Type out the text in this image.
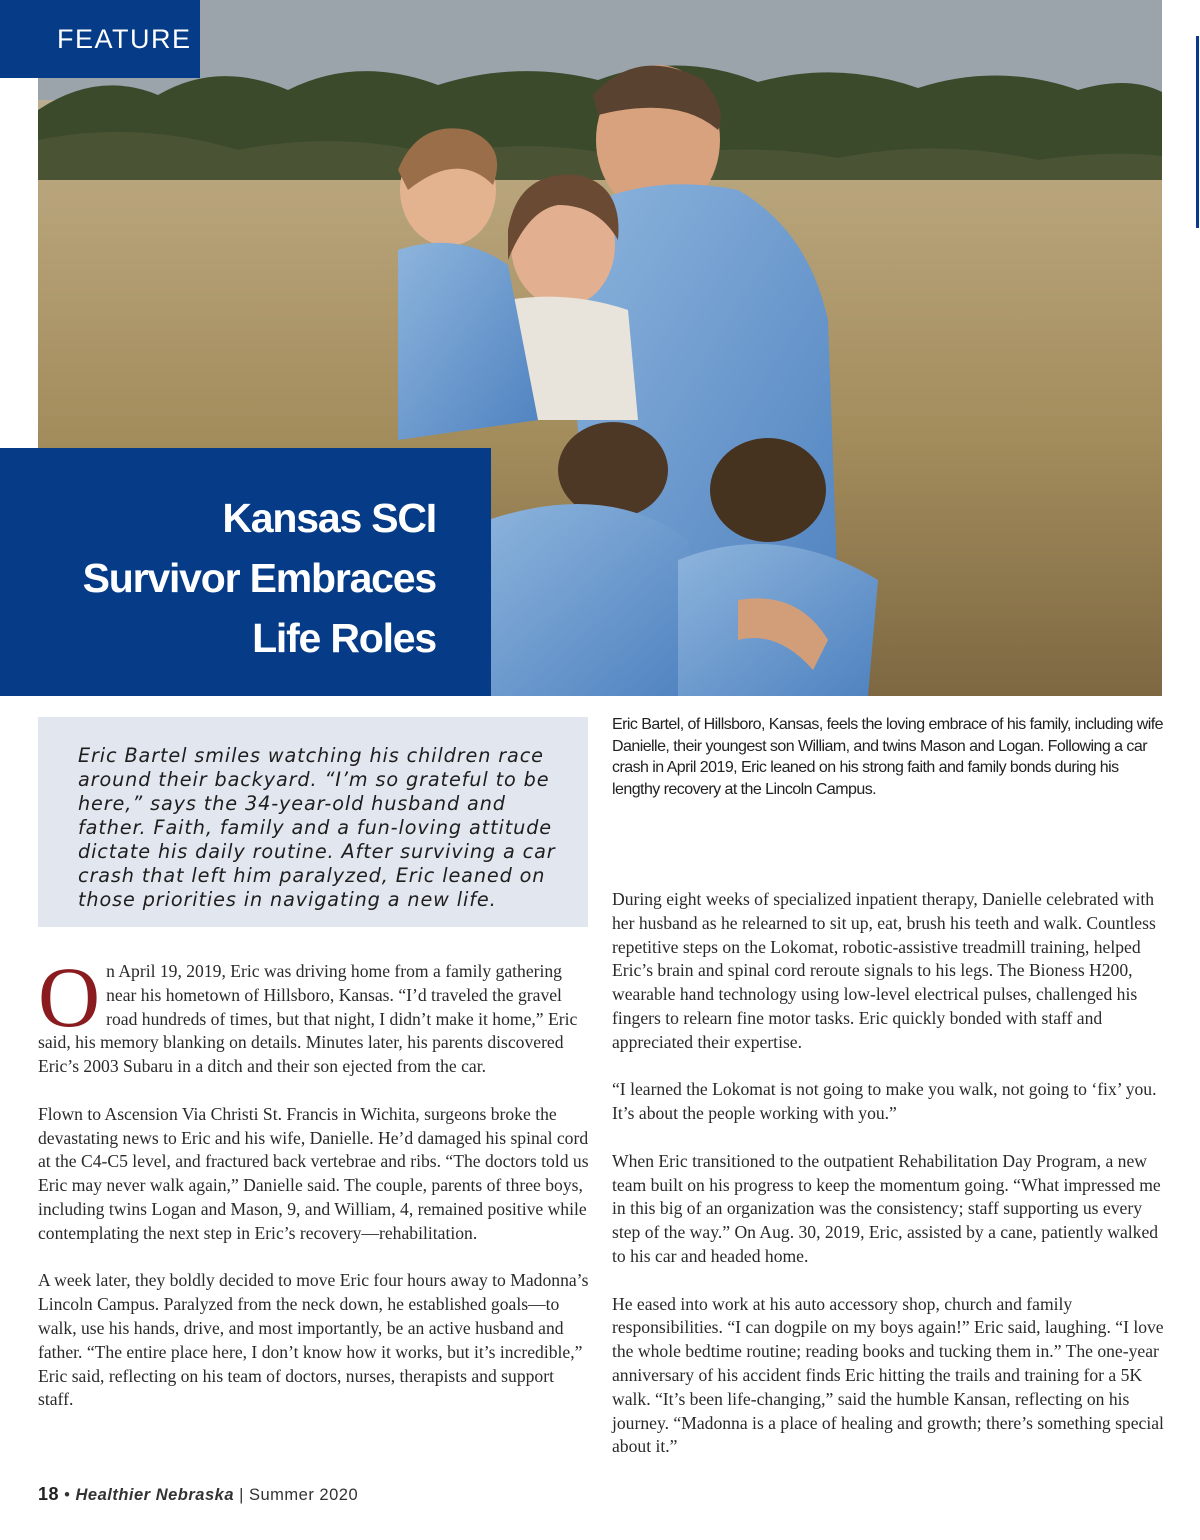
FEATURE
Kansas SCI
Survivor Embraces
Life Roles

Eric Bartel smiles watching his children race around their backyard. “I’m so grateful to be here,” says the 34-year-old husband and father. Faith, family and a fun-loving attitude dictate his daily routine. After surviving a car crash that left him paralyzed, Eric leaned on those priorities in navigating a new life.

Eric Bartel, of Hillsboro, Kansas, feels the loving embrace of his family, including wife Danielle, their youngest son William, and twins Mason and Logan. Following a car crash in April 2019, Eric leaned on his strong faith and family bonds during his lengthy recovery at the Lincoln Campus.

On April 19, 2019, Eric was driving home from a family gathering near his hometown of Hillsboro, Kansas. “I’d traveled the gravel road hundreds of times, but that night, I didn’t make it home,” Eric said, his memory blanking on details. Minutes later, his parents discovered Eric’s 2003 Subaru in a ditch and their son ejected from the car.

Flown to Ascension Via Christi St. Francis in Wichita, surgeons broke the devastating news to Eric and his wife, Danielle. He’d damaged his spinal cord at the C4-C5 level, and fractured back vertebrae and ribs. “The doctors told us Eric may never walk again,” Danielle said. The couple, parents of three boys, including twins Logan and Mason, 9, and William, 4, remained positive while contemplating the next step in Eric’s recovery—rehabilitation.

A week later, they boldly decided to move Eric four hours away to Madonna’s Lincoln Campus. Paralyzed from the neck down, he established goals—to walk, use his hands, drive, and most importantly, be an active husband and father. “The entire place here, I don’t know how it works, but it’s incredible,” Eric said, reflecting on his team of doctors, nurses, therapists and support staff.

During eight weeks of specialized inpatient therapy, Danielle celebrated with her husband as he relearned to sit up, eat, brush his teeth and walk. Countless repetitive steps on the Lokomat, robotic-assistive treadmill training, helped Eric’s brain and spinal cord reroute signals to his legs. The Bioness H200, wearable hand technology using low-level electrical pulses, challenged his fingers to relearn fine motor tasks. Eric quickly bonded with staff and appreciated their expertise.

“I learned the Lokomat is not going to make you walk, not going to ‘fix’ you. It’s about the people working with you.”

When Eric transitioned to the outpatient Rehabilitation Day Program, a new team built on his progress to keep the momentum going. “What impressed me in this big of an organization was the consistency; staff supporting us every step of the way.” On Aug. 30, 2019, Eric, assisted by a cane, patiently walked to his car and headed home.

He eased into work at his auto accessory shop, church and family responsibilities. “I can dogpile on my boys again!” Eric said, laughing. “I love the whole bedtime routine; reading books and tucking them in.” The one-year anniversary of his accident finds Eric hitting the trails and training for a 5K walk. “It’s been life-changing,” said the humble Kansan, reflecting on his journey. “Madonna is a place of healing and growth; there’s something special about it.”

18 • Healthier Nebraska | Summer 2020
